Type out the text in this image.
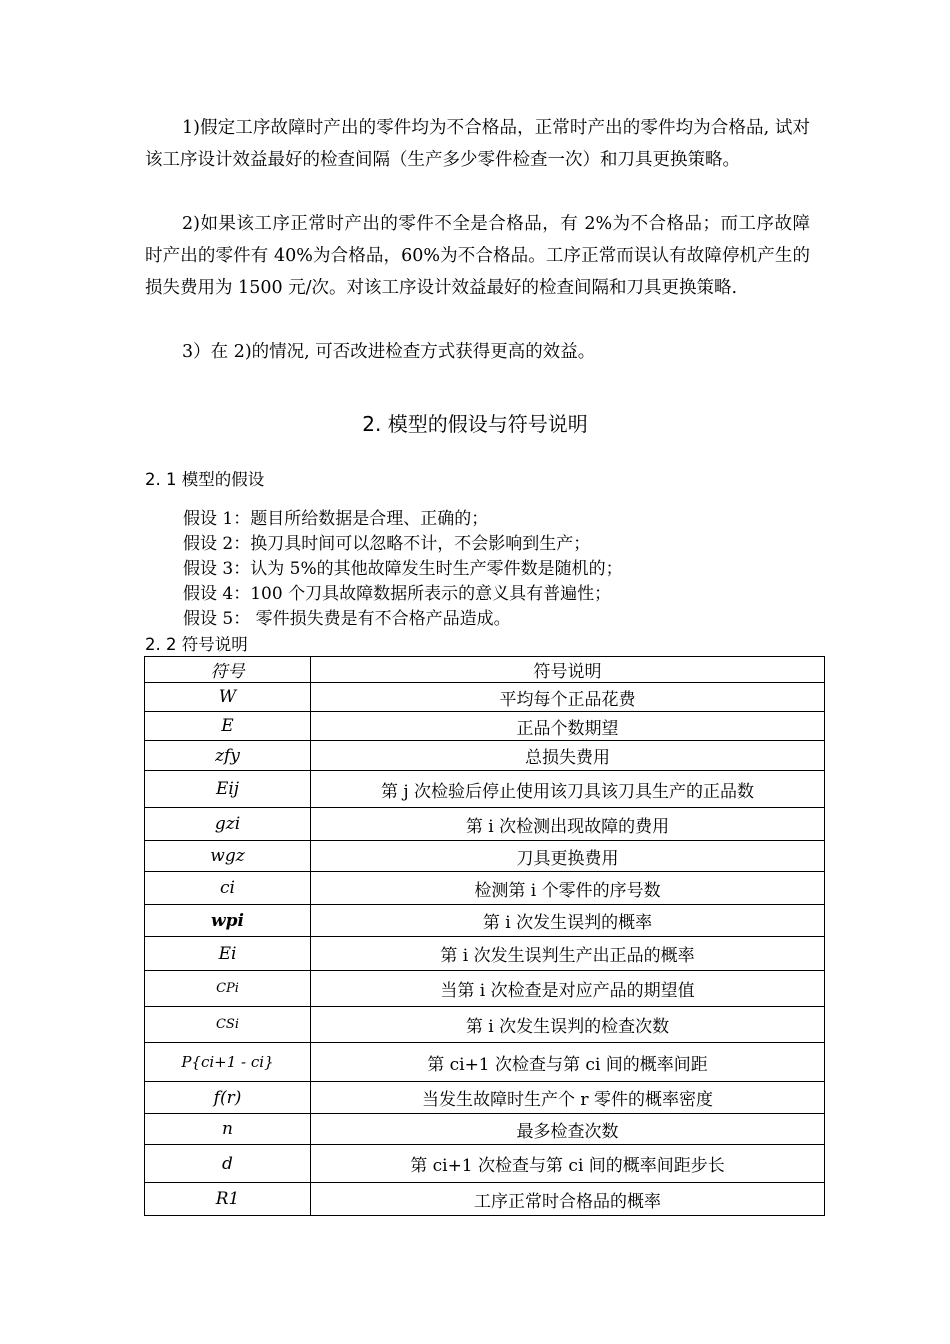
1)假定工序故障时产出的零件均为不合格品，正常时产出的零件均为合格品, 试对该工序设计效益最好的检查间隔（生产多少零件检查一次）和刀具更换策略。

2)如果该工序正常时产出的零件不全是合格品，有 2%为不合格品；而工序故障时产出的零件有 40%为合格品，60%为不合格品。工序正常而误认有故障停机产生的损失费用为 1500 元/次。对该工序设计效益最好的检查间隔和刀具更换策略.

3）在 2)的情况, 可否改进检查方式获得更高的效益。

2. 模型的假设与符号说明
2. 1 模型的假设
假设 1：题目所给数据是合理、正确的；
假设 2：换刀具时间可以忽略不计，不会影响到生产；
假设 3：认为 5%的其他故障发生时生产零件数是随机的；
假设 4：100 个刀具故障数据所表示的意义具有普遍性；
假设 5： 零件损失费是有不合格产品造成。
2. 2 符号说明
符号	符号说明
W	平均每个正品花费
E	正品个数期望
zfy	总损失费用
Eij	第 j 次检验后停止使用该刀具该刀具生产的正品数
gzi	第 i 次检测出现故障的费用
wgz	刀具更换费用
ci	检测第 i 个零件的序号数
wpi	第 i 次发生误判的概率
Ei	第 i 次发生误判生产出正品的概率
CPi	当第 i 次检查是对应产品的期望值
CSi	第 i 次发生误判的检查次数
P{ci+1 - ci}	第 ci+1 次检查与第 ci 间的概率间距
f(r)	当发生故障时生产个 r 零件的概率密度
n	最多检查次数
d	第 ci+1 次检查与第 ci 间的概率间距步长
R1	工序正常时合格品的概率
